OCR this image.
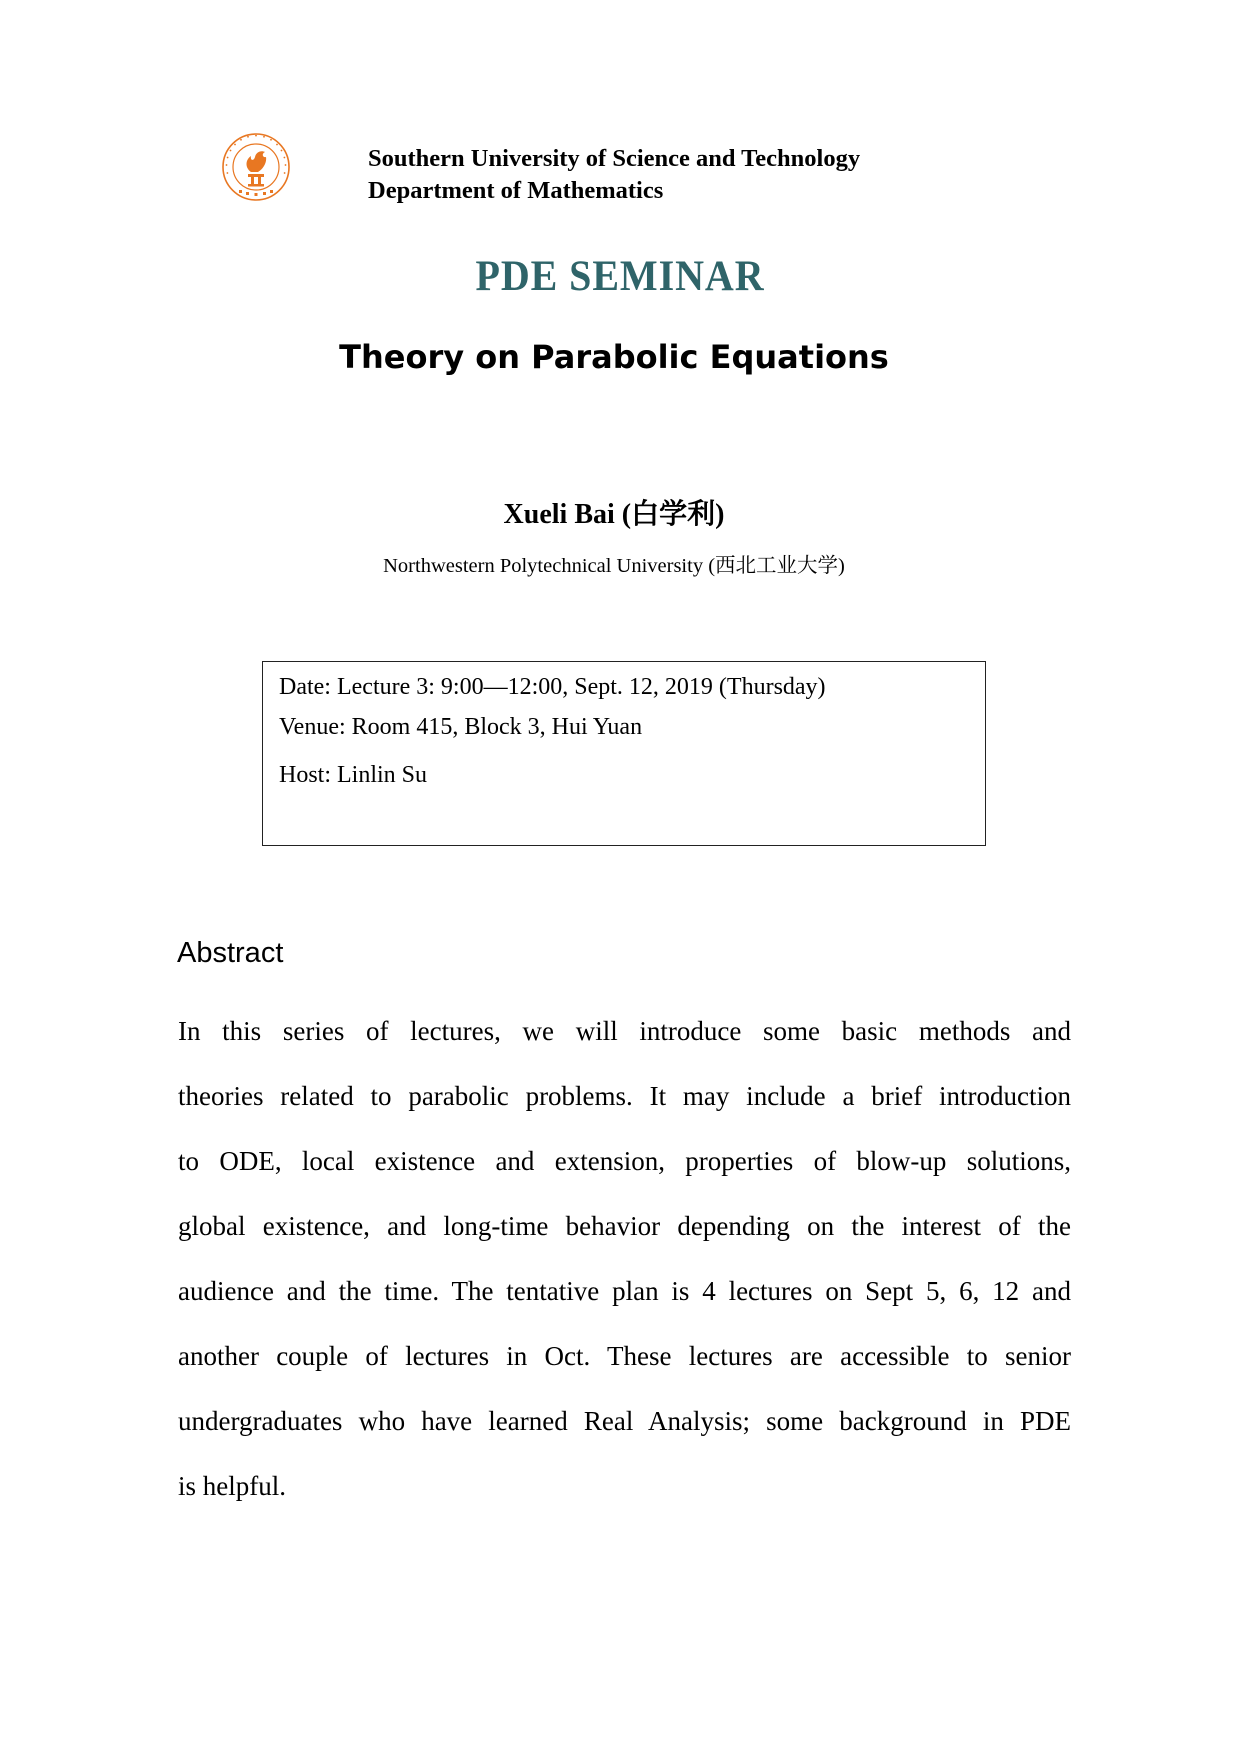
Southern University of Science and Technology
Department of Mathematics
PDE SEMINAR
Theory on Parabolic Equations
Xueli Bai (白学利)
Northwestern Polytechnical University (西北工业大学)
Date: Lecture 3: 9:00—12:00, Sept. 12, 2019 (Thursday)
Venue: Room 415, Block 3, Hui Yuan
Host: Linlin Su
Abstract
In this series of lectures, we will introduce some basic methods and
theories related to parabolic problems. It may include a brief introduction
to ODE, local existence and extension, properties of blow-up solutions,
global existence, and long-time behavior depending on the interest of the
audience and the time. The tentative plan is 4 lectures on Sept 5, 6, 12 and
another couple of lectures in Oct. These lectures are accessible to senior
undergraduates who have learned Real Analysis; some background in PDE
is helpful.
